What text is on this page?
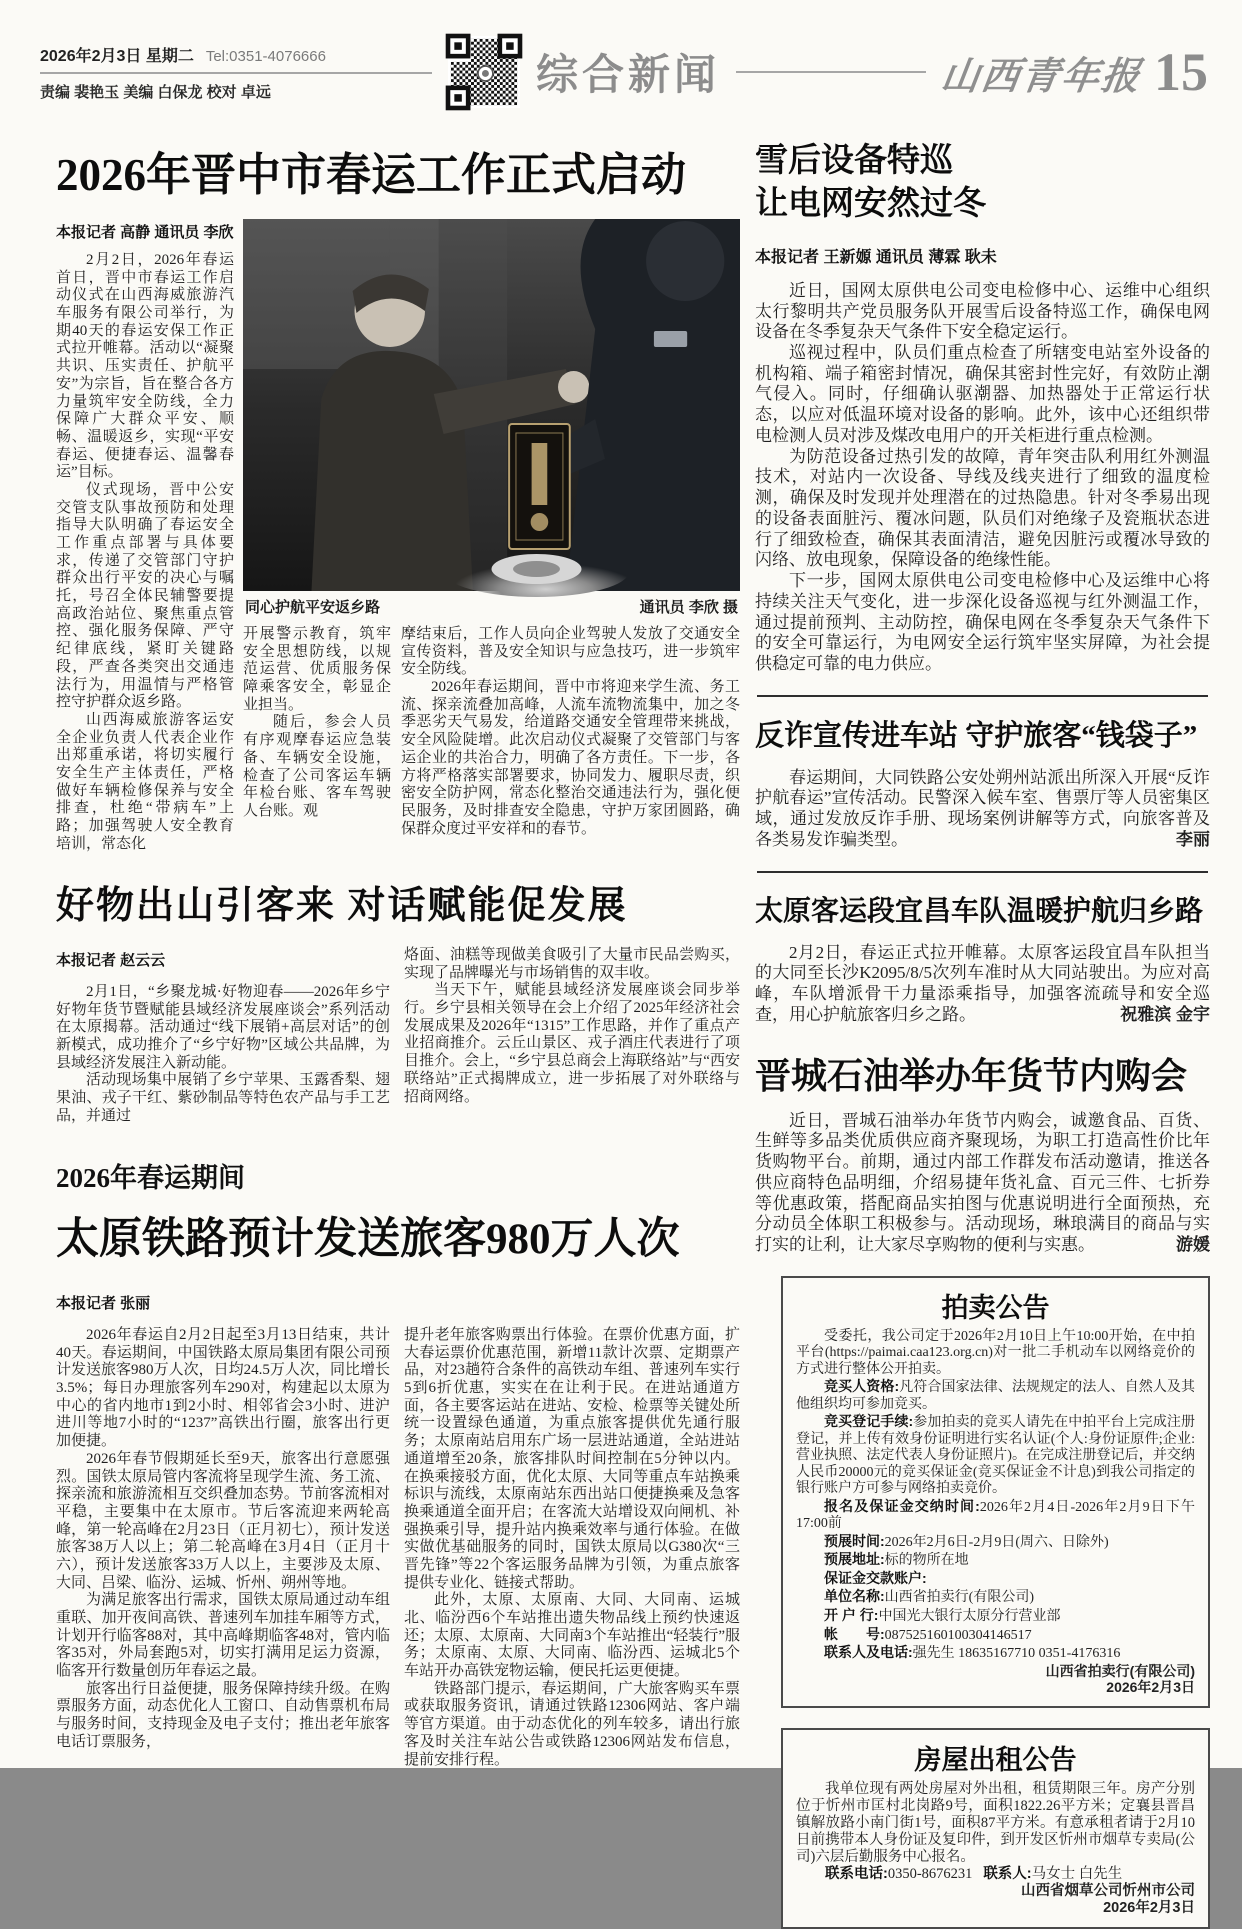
2026年2月3日 星期二 Tel:0351-4076666
责编 裴艳玉 美编 白保龙 校对 卓远	综合新闻	山西青年报 15
2026年晋中市春运工作正式启动
本报记者 高静 通讯员 李欣

2月2日，2026年春运首日，晋中市春运工作启动仪式在山西海威旅游汽车服务有限公司举行，为期40天的春运安保工作正式拉开帷幕。活动以“凝聚共识、压实责任、护航平安”为宗旨，旨在整合各方力量筑牢安全防线，全力保障广大群众平安、顺畅、温暖返乡，实现“平安春运、便捷春运、温馨春运”目标。

仪式现场，晋中公安交管支队事故预防和处理指导大队明确了春运安全工作重点部署与具体要求，传递了交管部门守护群众出行平安的决心与嘱托，号召全体民辅警要提高政治站位、聚焦重点管控、强化服务保障、严守纪律底线，紧盯关键路段，严查各类突出交通违法行为，用温情与严格管控守护群众返乡路。

山西海威旅游客运安全企业负责人代表企业作出郑重承诺，将切实履行安全生产主体责任，严格做好车辆检修保养与安全排查，杜绝“带病车”上路；加强驾驶人安全教育培训，常态化

同心护航平安返乡路	通讯员 李欣 摄

开展警示教育，筑牢安全思想防线，以规范运营、优质服务保障乘客安全，彰显企业担当。

随后，参会人员有序观摩春运应急装备、车辆安全设施，检查了公司客运车辆年检台账、客车驾驶人台账。观

摩结束后，工作人员向企业驾驶人发放了交通安全宣传资料，普及安全知识与应急技巧，进一步筑牢安全防线。

2026年春运期间，晋中市将迎来学生流、务工流、探亲流叠加高峰，人流车流物流集中，加之冬季恶劣天气易发，给道路交通安全管理带来挑战，安全风险陡增。此次启动仪式凝聚了交管部门与客运企业的共治合力，明确了各方责任。下一步，各方将严格落实部署要求，协同发力、履职尽责，织密安全防护网，常态化整治交通违法行为，强化便民服务，及时排查安全隐患，守护万家团圆路，确保群众度过平安祥和的春节。

好物出山引客来 对话赋能促发展
本报记者 赵云云

2月1日，“乡聚龙城·好物迎春——2026年乡宁好物年货节暨赋能县域经济发展座谈会”系列活动在太原揭幕。活动通过“线下展销+高层对话”的创新模式，成功推介了“乡宁好物”区域公共品牌，为县域经济发展注入新动能。

活动现场集中展销了乡宁苹果、玉露香梨、翅果油、戎子干红、紫砂制品等特色农产品与手工艺品，并通过

烙面、油糕等现做美食吸引了大量市民品尝购买，实现了品牌曝光与市场销售的双丰收。

当天下午，赋能县域经济发展座谈会同步举行。乡宁县相关领导在会上介绍了2025年经济社会发展成果及2026年“1315”工作思路，并作了重点产业招商推介。云丘山景区、戎子酒庄代表进行了项目推介。会上，“乡宁县总商会上海联络站”与“西安联络站”正式揭牌成立，进一步拓展了对外联络与招商网络。

2026年春运期间

太原铁路预计发送旅客980万人次
本报记者 张丽

2026年春运自2月2日起至3月13日结束，共计40天。春运期间，中国铁路太原局集团有限公司预计发送旅客980万人次，日均24.5万人次，同比增长3.5%；每日办理旅客列车290对，构建起以太原为中心的省内地市1到2小时、相邻省会3小时、进沪进川等地7小时的“1237”高铁出行圈，旅客出行更加便捷。

2026年春节假期延长至9天，旅客出行意愿强烈。国铁太原局管内客流将呈现学生流、务工流、探亲流和旅游流相互交织叠加态势。节前客流相对平稳，主要集中在太原市。节后客流迎来两轮高峰，第一轮高峰在2月23日（正月初七），预计发送旅客38万人以上；第二轮高峰在3月4日（正月十六），预计发送旅客33万人以上，主要涉及太原、大同、吕梁、临汾、运城、忻州、朔州等地。

为满足旅客出行需求，国铁太原局通过动车组重联、加开夜间高铁、普速列车加挂车厢等方式，计划开行临客88对，其中高峰期临客48对，管内临客35对，外局套跑5对，切实打满用足运力资源，临客开行数量创历年春运之最。

旅客出行日益便捷，服务保障持续升级。在购票服务方面，动态优化人工窗口、自动售票机布局与服务时间，支持现金及电子支付；推出老年旅客电话订票服务，

提升老年旅客购票出行体验。在票价优惠方面，扩大春运票价优惠范围，新增11款计次票、定期票产品，对23趟符合条件的高铁动车组、普速列车实行5到6折优惠，实实在在让利于民。在进站通道方面，各主要客运站在进站、安检、检票等关键处所统一设置绿色通道，为重点旅客提供优先通行服务；太原南站启用东广场一层进站通道，全站进站通道增至20条，旅客排队时间控制在5分钟以内。在换乘接驳方面，优化太原、大同等重点车站换乘标识与流线，太原南站东西出站口便捷换乘及急客换乘通道全面开启；在客流大站增设双向闸机、补强换乘引导，提升站内换乘效率与通行体验。在做实做优基础服务的同时，国铁太原局以G380次“三晋先锋”等22个客运服务品牌为引领，为重点旅客提供专业化、链接式帮助。

此外，太原、太原南、大同、大同南、运城北、临汾西6个车站推出遗失物品线上预约快速返还；太原、太原南、大同南3个车站推出“轻装行”服务；太原南、太原、大同南、临汾西、运城北5个车站开办高铁宠物运输，便民托运更便捷。

铁路部门提示，春运期间，广大旅客购买车票或获取服务资讯，请通过铁路12306网站、客户端等官方渠道。由于动态优化的列车较多，请出行旅客及时关注车站公告或铁路12306网站发布信息，提前安排行程。

雪后设备特巡
让电网安然过冬
本报记者 王新嫄 通讯员 薄霖 耿未

近日，国网太原供电公司变电检修中心、运维中心组织太行黎明共产党员服务队开展雪后设备特巡工作，确保电网设备在冬季复杂天气条件下安全稳定运行。

巡视过程中，队员们重点检查了所辖变电站室外设备的机构箱、端子箱密封情况，确保其密封性完好，有效防止潮气侵入。同时，仔细确认驱潮器、加热器处于正常运行状态，以应对低温环境对设备的影响。此外，该中心还组织带电检测人员对涉及煤改电用户的开关柜进行重点检测。

为防范设备过热引发的故障，青年突击队利用红外测温技术，对站内一次设备、导线及线夹进行了细致的温度检测，确保及时发现并处理潜在的过热隐患。针对冬季易出现的设备表面脏污、覆冰问题，队员们对绝缘子及瓷瓶状态进行了细致检查，确保其表面清洁，避免因脏污或覆冰导致的闪络、放电现象，保障设备的绝缘性能。

下一步，国网太原供电公司变电检修中心及运维中心将持续关注天气变化，进一步深化设备巡视与红外测温工作，通过提前预判、主动防控，确保电网在冬季复杂天气条件下的安全可靠运行，为电网安全运行筑牢坚实屏障，为社会提供稳定可靠的电力供应。

反诈宣传进车站 守护旅客“钱袋子”

春运期间，大同铁路公安处朔州站派出所深入开展“反诈护航春运”宣传活动。民警深入候车室、售票厅等人员密集区域，通过发放反诈手册、现场案例讲解等方式，向旅客普及各类易发诈骗类型。	李丽

太原客运段宜昌车队温暖护航归乡路

2月2日，春运正式拉开帷幕。太原客运段宜昌车队担当的大同至长沙K2095/8/5次列车准时从大同站驶出。为应对高峰，车队增派骨干力量添乘指导，加强客流疏导和安全巡查，用心护航旅客归乡之路。	祝雅滨 金宇

晋城石油举办年货节内购会

近日，晋城石油举办年货节内购会，诚邀食品、百货、生鲜等多品类优质供应商齐聚现场，为职工打造高性价比年货购物平台。前期，通过内部工作群发布活动邀请，推送各供应商特色品明细，介绍易捷年货礼盒、百元三件、七折券等优惠政策，搭配商品实拍图与优惠说明进行全面预热，充分动员全体职工积极参与。活动现场，琳琅满目的商品与实打实的让利，让大家尽享购物的便利与实惠。	游媛

拍卖公告

受委托，我公司定于2026年2月10日上午10:00开始，在中拍平台(https://paimai.caa123.org.cn)对一批二手机动车以网络竞价的方式进行整体公开拍卖。

竞买人资格:凡符合国家法律、法规规定的法人、自然人及其他组织均可参加竞买。

竞买登记手续:参加拍卖的竞买人请先在中拍平台上完成注册登记，并上传有效身份证明进行实名认证(个人:身份证原件;企业:营业执照、法定代表人身份证照片)。在完成注册登记后，并交纳人民币20000元的竞买保证金(竞买保证金不计息)到我公司指定的银行账户方可参与网络拍卖竞价。

报名及保证金交纳时间:2026年2月4日-2026年2月9日下午17:00前

预展时间:2026年2月6日-2月9日(周六、日除外)

预展地址:标的物所在地

保证金交款账户:

单位名称:山西省拍卖行(有限公司)

开 户 行:中国光大银行太原分行营业部

帐　　号:087525160100304146517

联系人及电话:强先生 18635167710 0351-4176316

山西省拍卖行(有限公司)

2026年2月3日

房屋出租公告

我单位现有两处房屋对外出租，租赁期限三年。房产分别位于忻州市匡村北岗路9号，面积1822.26平方米；定襄县晋昌镇解放路小南门街1号，面积87平方米。有意承租者请于2月10日前携带本人身份证及复印件，到开发区忻州市烟草专卖局(公司)六层后勤服务中心报名。

联系电话:0350-8676231 联系人:马女士 白先生

山西省烟草公司忻州市公司

2026年2月3日
